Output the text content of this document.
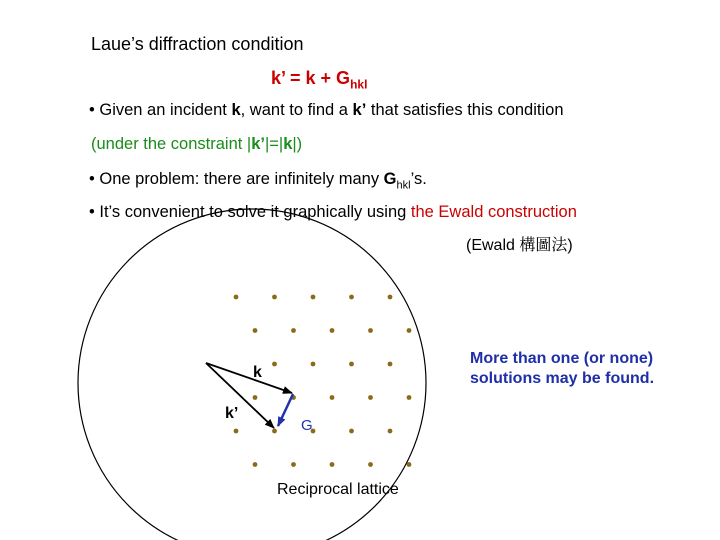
Laue’s diffraction condition
k’ = $k + G_{hkl}$
• Given an incident k, want to find a k’ that satisfies this condition
(under the constraint |k’|=|k|)
• One problem: there are infinitely many $G_{hkl}’s$.
• It’s convenient to solve it graphically using the Ewald construction
(Ewald 構圖法)
k
k’
G
Reciprocal lattice
More than one (or none) solutions may be found.
